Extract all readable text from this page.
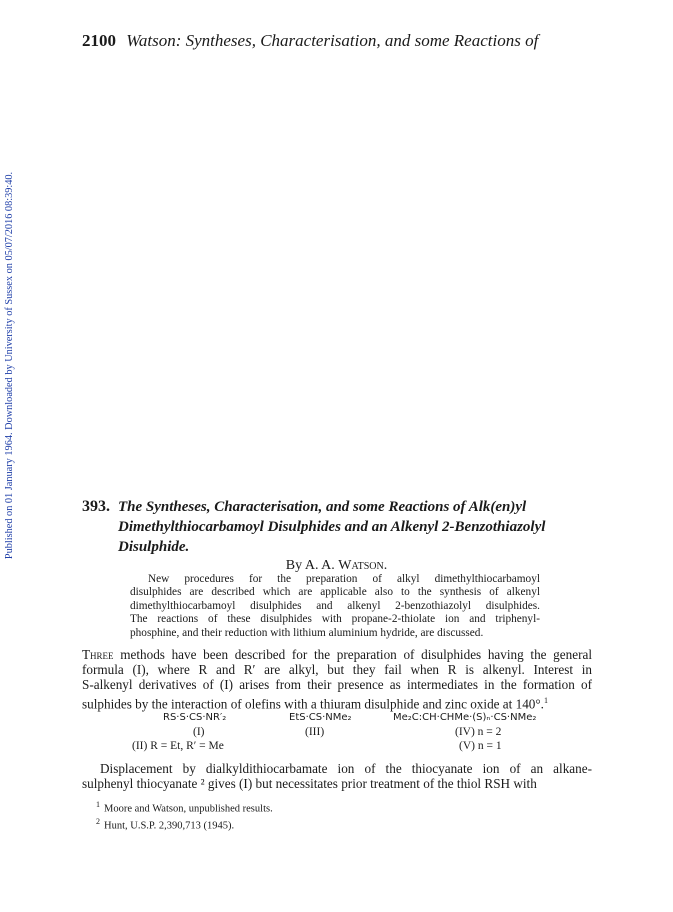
2100 Watson: Syntheses, Characterisation, and some Reactions of
Published on 01 January 1964. Downloaded by University of Sussex on 05/07/2016 08:39:40.	393. The Syntheses, Characterisation, and some Reactions of Alk(en)yl
Dimethylthiocarbamoyl Disulphides and an Alkenyl 2-Benzothiazolyl
Disulphide.
By A. A. Watson.
New procedures for the preparation of alkyl dimethylthiocarbamoyl
disulphides are described which are applicable also to the synthesis of alkenyl
dimethylthiocarbamoyl disulphides and alkenyl 2-benzothiazolyl disulphides.
The reactions of these disulphides with propane-2-thiolate ion and triphenyl-
phosphine, and their reduction with lithium aluminium hydride, are discussed.
Three methods have been described for the preparation of disulphides having the general
formula (I), where R and R′ are alkyl, but they fail when R is alkenyl. Interest in
S-alkenyl derivatives of (I) arises from their presence as intermediates in the formation of
sulphides by the interaction of olefins with a thiuram disulphide and zinc oxide at 140°.$^1$
RS·S·CS·NR′₂
(I)
(II) R = Et, R′ = Me
EtS·CS·NMe₂
(III)
Me₂C:CH·CHMe·(S)ₙ·CS·NMe₂
(IV) n = 2
(V) n = 1
Displacement by dialkyldithiocarbamate ion of the thiocyanate ion of an alkane-
sulphenyl thiocyanate ² gives (I) but necessitates prior treatment of the thiol RSH with
$^1$ Moore and Watson, unpublished results.
$^2$ Hunt, U.S.P. 2,390,713 (1945).
